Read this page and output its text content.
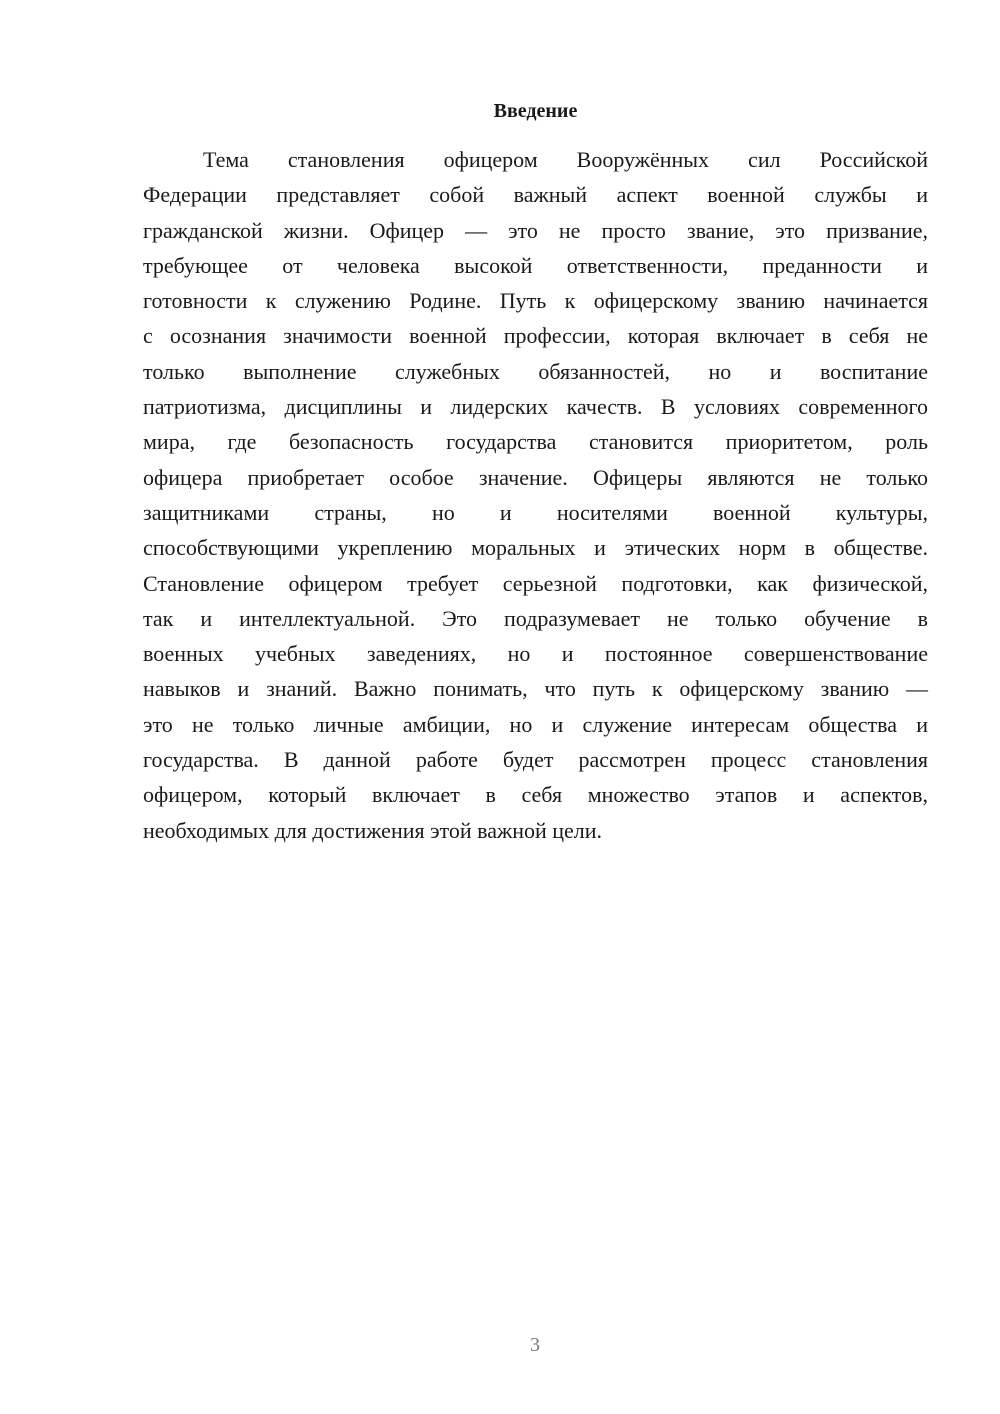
Введение
Тема становления офицером Вооружённых сил Российской
Федерации представляет собой важный аспект военной службы и
гражданской жизни. Офицер — это не просто звание, это призвание,
требующее от человека высокой ответственности, преданности и
готовности к служению Родине. Путь к офицерскому званию начинается
с осознания значимости военной профессии, которая включает в себя не
только выполнение служебных обязанностей, но и воспитание
патриотизма, дисциплины и лидерских качеств. В условиях современного
мира, где безопасность государства становится приоритетом, роль
офицера приобретает особое значение. Офицеры являются не только
защитниками страны, но и носителями военной культуры,
способствующими укреплению моральных и этических норм в обществе.
Становление офицером требует серьезной подготовки, как физической,
так и интеллектуальной. Это подразумевает не только обучение в
военных учебных заведениях, но и постоянное совершенствование
навыков и знаний. Важно понимать, что путь к офицерскому званию —
это не только личные амбиции, но и служение интересам общества и
государства. В данной работе будет рассмотрен процесс становления
офицером, который включает в себя множество этапов и аспектов,
необходимых для достижения этой важной цели.
3
